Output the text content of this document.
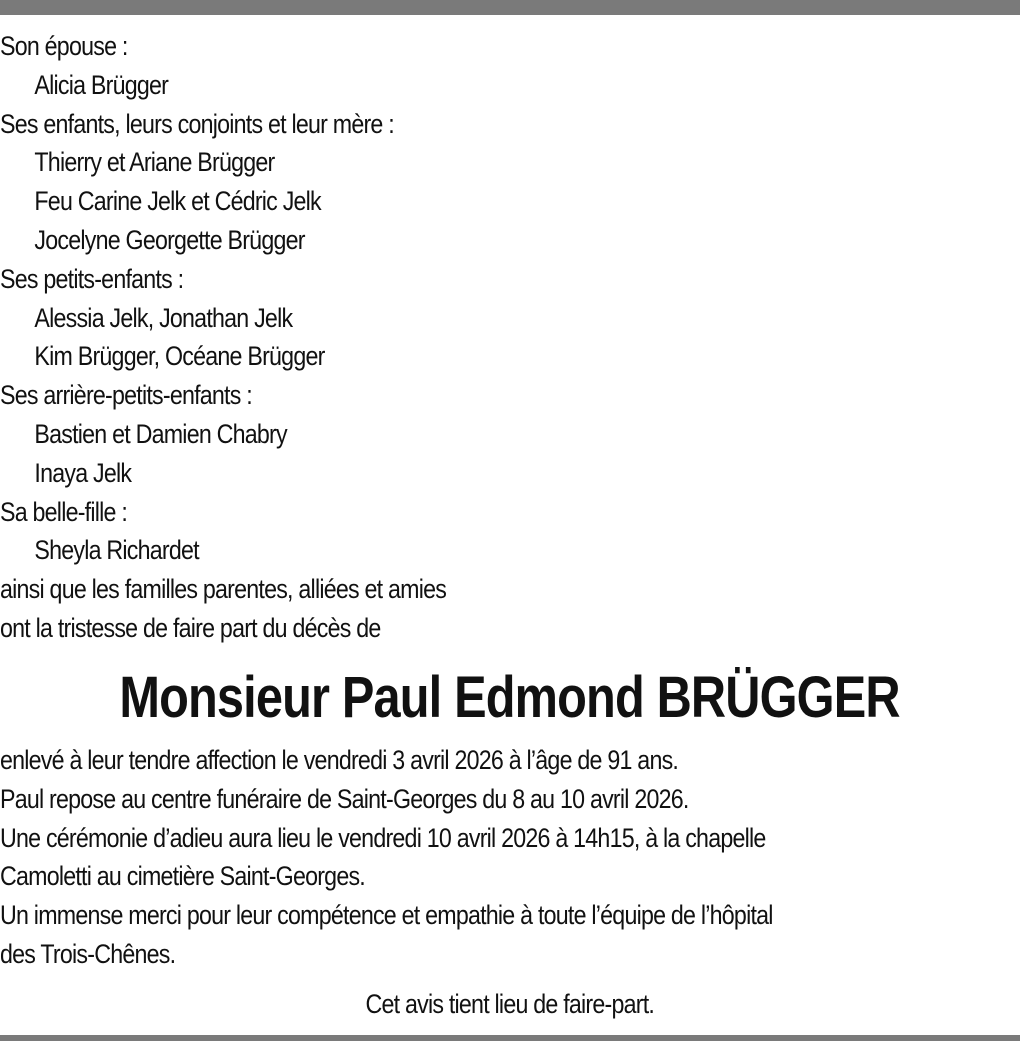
Son épouse :
Alicia Brügger
Ses enfants, leurs conjoints et leur mère :
Thierry et Ariane Brügger
Feu Carine Jelk et Cédric Jelk
Jocelyne Georgette Brügger
Ses petits-enfants :
Alessia Jelk, Jonathan Jelk
Kim Brügger, Océane Brügger
Ses arrière-petits-enfants :
Bastien et Damien Chabry
Inaya Jelk
Sa belle-fille :
Sheyla Richardet
ainsi que les familles parentes, alliées et amies
ont la tristesse de faire part du décès de
Monsieur Paul Edmond BRÜGGER
enlevé à leur tendre affection le vendredi 3 avril 2026 à l’âge de 91 ans.
Paul repose au centre funéraire de Saint-Georges du 8 au 10 avril 2026.
Une cérémonie d’adieu aura lieu le vendredi 10 avril 2026 à 14h15, à la chapelle
Camoletti au cimetière Saint-Georges.
Un immense merci pour leur compétence et empathie à toute l’équipe de l’hôpital
des Trois-Chênes.
Cet avis tient lieu de faire-part.
